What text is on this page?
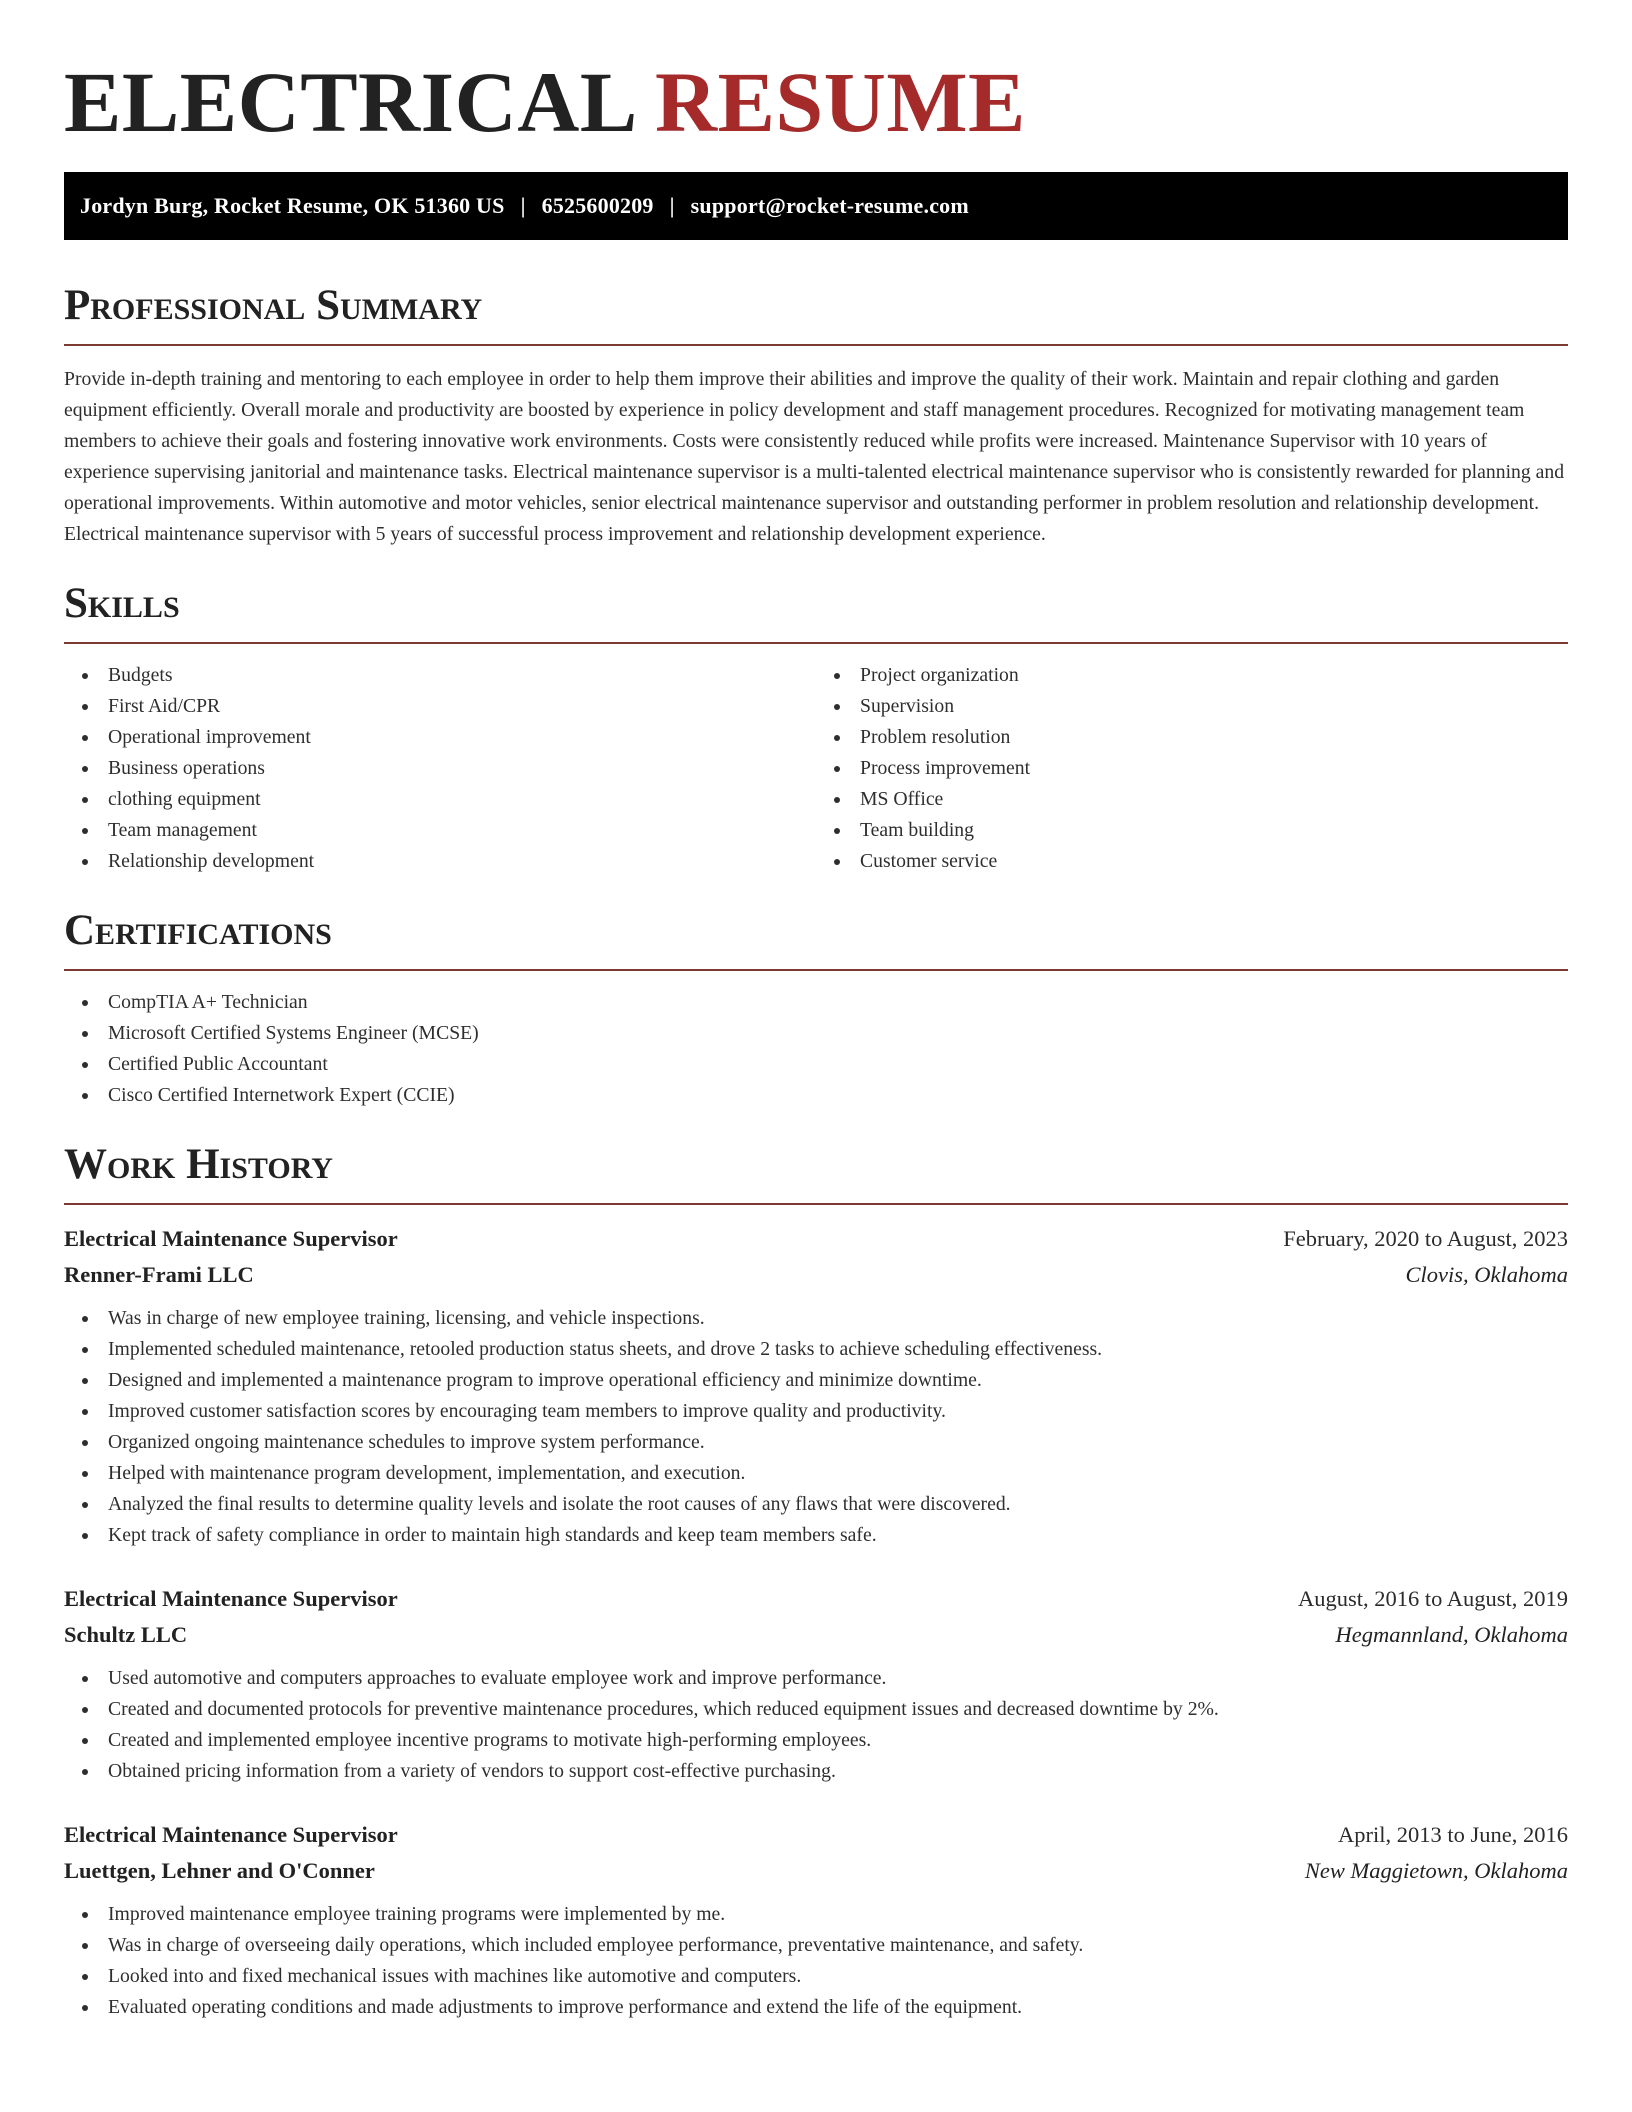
ELECTRICAL RESUME
Jordyn Burg, Rocket Resume, OK 51360 US | 6525600209 | support@rocket-resume.com
Professional Summary

Provide in-depth training and mentoring to each employee in order to help them improve their abilities and improve the quality of their work. Maintain and repair clothing and garden equipment efficiently. Overall morale and productivity are boosted by experience in policy development and staff management procedures. Recognized for motivating management team members to achieve their goals and fostering innovative work environments. Costs were consistently reduced while profits were increased. Maintenance Supervisor with 10 years of experience supervising janitorial and maintenance tasks. Electrical maintenance supervisor is a multi-talented electrical maintenance supervisor who is consistently rewarded for planning and operational improvements. Within automotive and motor vehicles, senior electrical maintenance supervisor and outstanding performer in problem resolution and relationship development. Electrical maintenance supervisor with 5 years of successful process improvement and relationship development experience.

Skills
Budgets
First Aid/CPR
Operational improvement
Business operations
clothing equipment
Team management
Relationship development
Project organization
Supervision
Problem resolution
Process improvement
MS Office
Team building
Customer service
Certifications
CompTIA A+ Technician
Microsoft Certified Systems Engineer (MCSE)
Certified Public Accountant
Cisco Certified Internetwork Expert (CCIE)
Work History
Electrical Maintenance Supervisor	February, 2020 to August, 2023
Renner-Frami LLC	Clovis, Oklahoma
Was in charge of new employee training, licensing, and vehicle inspections.
Implemented scheduled maintenance, retooled production status sheets, and drove 2 tasks to achieve scheduling effectiveness.
Designed and implemented a maintenance program to improve operational efficiency and minimize downtime.
Improved customer satisfaction scores by encouraging team members to improve quality and productivity.
Organized ongoing maintenance schedules to improve system performance.
Helped with maintenance program development, implementation, and execution.
Analyzed the final results to determine quality levels and isolate the root causes of any flaws that were discovered.
Kept track of safety compliance in order to maintain high standards and keep team members safe.
Electrical Maintenance Supervisor	August, 2016 to August, 2019
Schultz LLC	Hegmannland, Oklahoma
Used automotive and computers approaches to evaluate employee work and improve performance.
Created and documented protocols for preventive maintenance procedures, which reduced equipment issues and decreased downtime by 2%.
Created and implemented employee incentive programs to motivate high-performing employees.
Obtained pricing information from a variety of vendors to support cost-effective purchasing.
Electrical Maintenance Supervisor	April, 2013 to June, 2016
Luettgen, Lehner and O'Conner	New Maggietown, Oklahoma
Improved maintenance employee training programs were implemented by me.
Was in charge of overseeing daily operations, which included employee performance, preventative maintenance, and safety.
Looked into and fixed mechanical issues with machines like automotive and computers.
Evaluated operating conditions and made adjustments to improve performance and extend the life of the equipment.
